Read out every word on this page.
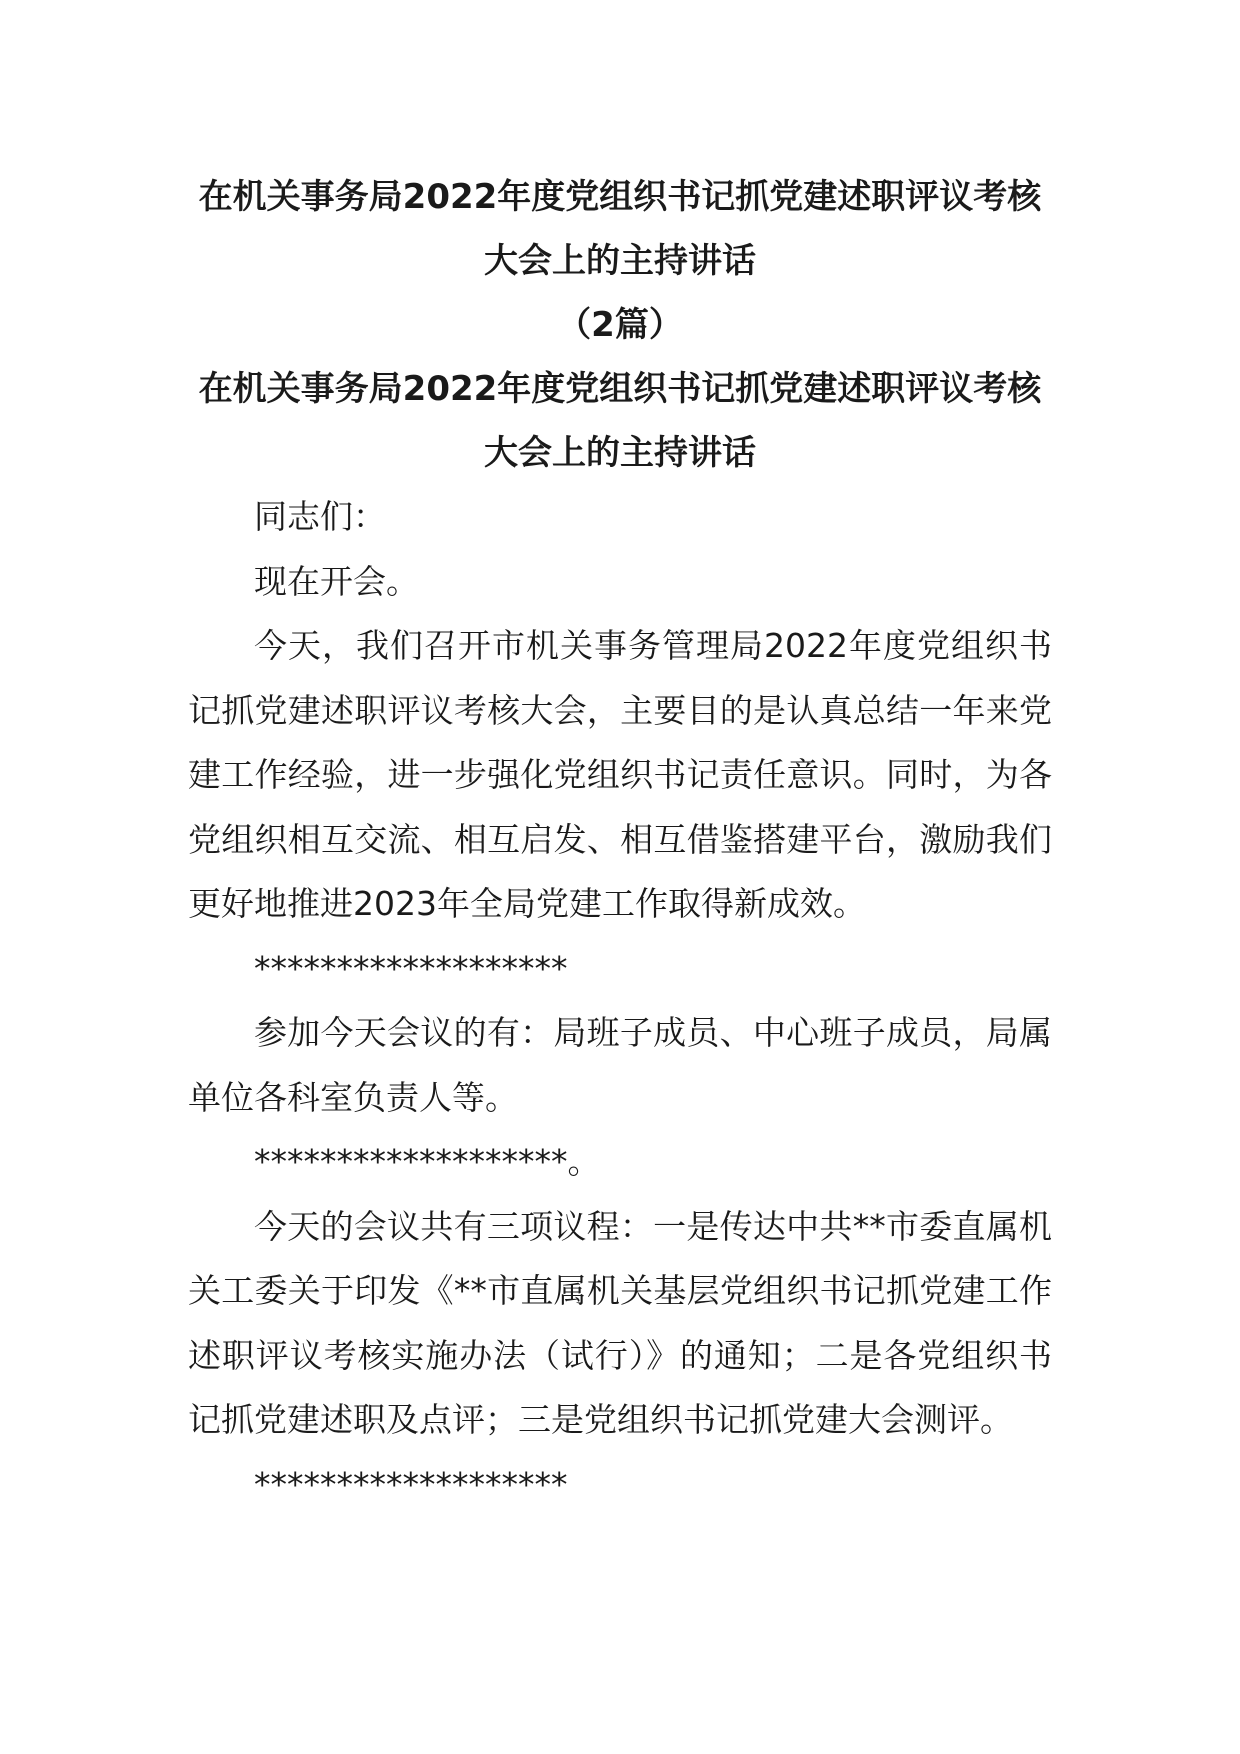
在机关事务局2022年度党组织书记抓党建述职评议考核

大会上的主持讲话

（2篇）

在机关事务局2022年度党组织书记抓党建述职评议考核

大会上的主持讲话

同志们：

现在开会。

今天，我们召开市机关事务管理局2022年度党组织书记抓党建述职评议考核大会，主要目的是认真总结一年来党建工作经验，进一步强化党组织书记责任意识。同时，为各党组织相互交流、相互启发、相互借鉴搭建平台，激励我们更好地推进2023年全局党建工作取得新成效。

*******************

参加今天会议的有：局班子成员、中心班子成员，局属单位各科室负责人等。

*******************。

今天的会议共有三项议程：一是传达中共**市委直属机关工委关于印发《**市直属机关基层党组织书记抓党建工作述职评议考核实施办法（试行）》的通知；二是各党组织书记抓党建述职及点评；三是党组织书记抓党建大会测评。

*******************
